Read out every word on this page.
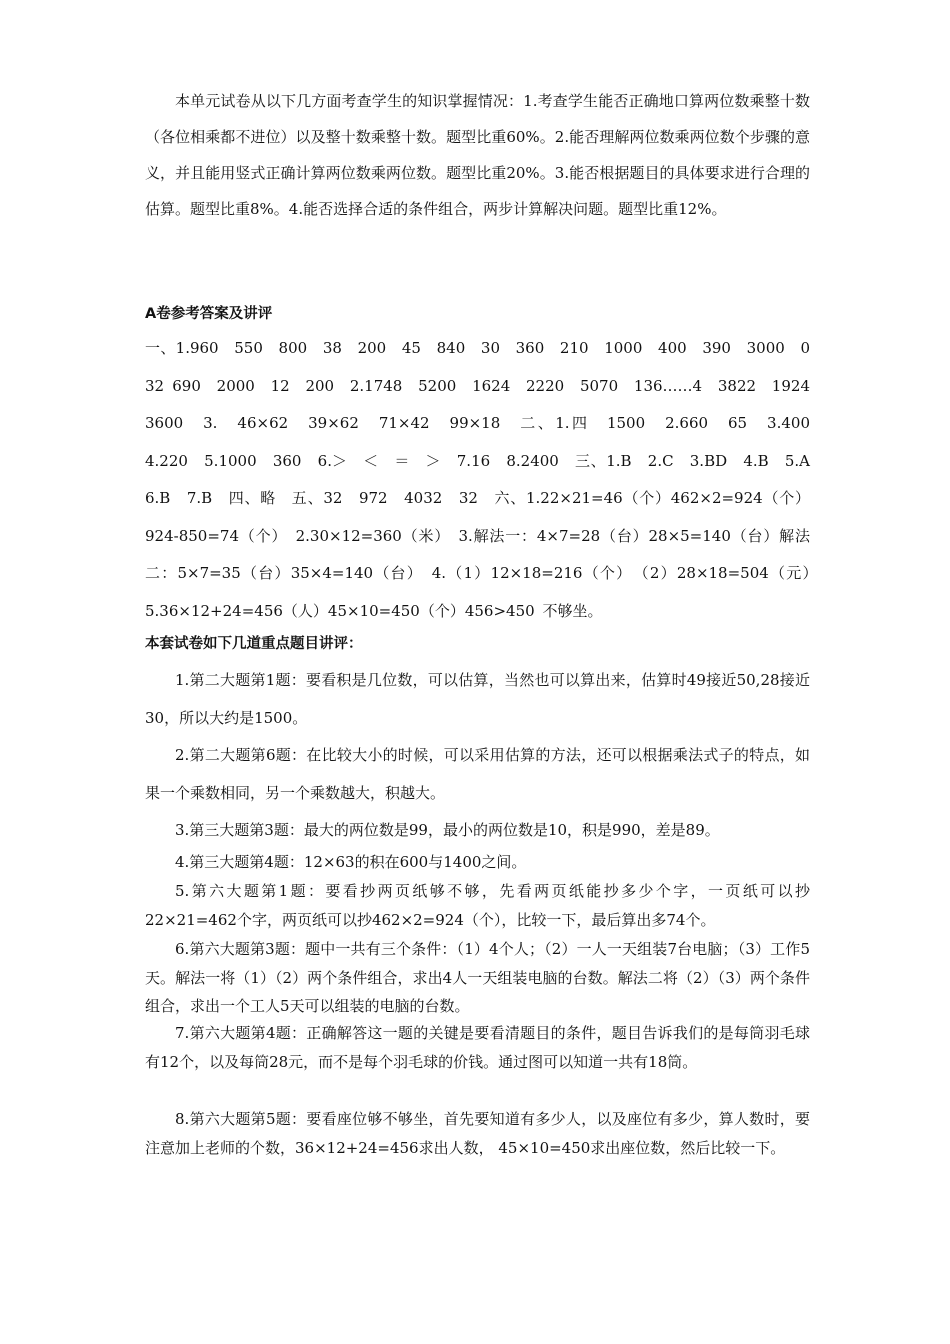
本单元试卷从以下几方面考查学生的知识掌握情况：1.考查学生能否正确地口算两位数乘整十数（各位相乘都不进位）以及整十数乘整十数。题型比重60%。2.能否理解两位数乘两位数个步骤的意义，并且能用竖式正确计算两位数乘两位数。题型比重20%。3.能否根据题目的具体要求进行合理的估算。题型比重8%。4.能否选择合适的条件组合，两步计算解决问题。题型比重12%。

A卷参考答案及讲评

一、1.960　550　800　38　200　45　840　30　360　210　1000　400　390　3000　0　32 690　2000　12　200　2.1748　5200　1624　2220　5070　136……4　3822　1924　3600　3.　46×62　39×62　71×42　99×18　二、1.四　1500　2.660　65　3.400　4.220　5.1000　360　6.＞　＜　＝　＞　7.16　8.2400　三、1.B　2.C　3.BD　4.B　5.A　6.B　7.B　四、略　五、32　972　4032　32　六、1.22×21=46（个）462×2=924（个）924-850=74（个）　2.30×12=360（米）　3.解法一：4×7=28（台）28×5=140（台）解法二：5×7=35（台）35×4=140（台）　4.（1）12×18=216（个）　（2）28×18=504（元）　5.36×12+24=456（人）45×10=450（个）456>450 不够坐。

本套试卷如下几道重点题目讲评：

1.第二大题第1题：要看积是几位数，可以估算，当然也可以算出来，估算时49接近50,28接近30，所以大约是1500。

2.第二大题第6题：在比较大小的时候，可以采用估算的方法，还可以根据乘法式子的特点，如果一个乘数相同，另一个乘数越大，积越大。

3.第三大题第3题：最大的两位数是99，最小的两位数是10，积是990，差是89。

4.第三大题第4题：12×63的积在600与1400之间。

5.第六大题第1题：要看抄两页纸够不够，先看两页纸能抄多少个字，一页纸可以抄22×21=462个字，两页纸可以抄462×2=924（个），比较一下，最后算出多74个。

6.第六大题第3题：题中一共有三个条件：（1）4个人；（2）一人一天组装7台电脑；（3）工作5天。解法一将（1）（2）两个条件组合，求出4人一天组装电脑的台数。解法二将（2）（3）两个条件组合，求出一个工人5天可以组装的电脑的台数。

7.第六大题第4题：正确解答这一题的关键是要看清题目的条件，题目告诉我们的是每筒羽毛球有12个，以及每筒28元，而不是每个羽毛球的价钱。通过图可以知道一共有18筒。

8.第六大题第5题：要看座位够不够坐，首先要知道有多少人，以及座位有多少，算人数时，要注意加上老师的个数，36×12+24=456求出人数， 45×10=450求出座位数，然后比较一下。
